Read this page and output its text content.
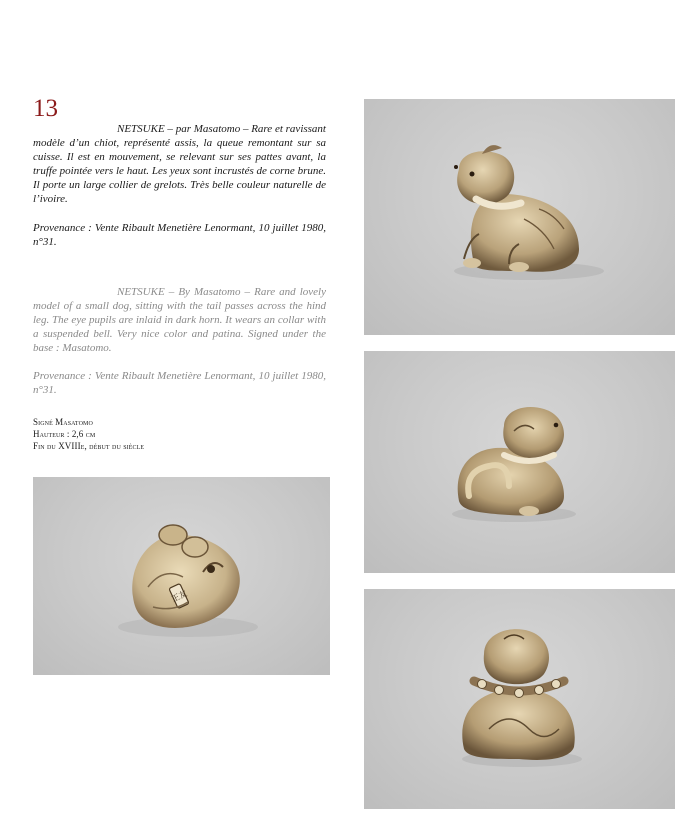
13

NETSUKE – par Masatomo – Rare et ravissant modèle d’un chiot, représenté assis, la queue remontant sur sa cuisse. Il est en mouvement, se relevant sur ses pattes avant, la truffe pointée vers le haut. Les yeux sont incrustés de corne brune. Il porte un large collier de grelots. Très belle couleur naturelle de l’ivoire.

Provenance : Vente Ribault Menetière Lenormant, 10 juillet 1980, n°31.

NETSUKE – By Masatomo – Rare and lovely model of a small dog, sitting with the tail passes across the hind leg. The eye pupils are inlaid in dark horn. It wears an collar with a suspended bell. Very nice color and patina. Signed under the base : Masatomo.

Provenance : Vente Ribault Menetière Lenormant, 10 juillet 1980, n°31.

Signé Masatomo
Hauteur : 2,6 cm
Fin du XVIIIe, début du siècle
正友
